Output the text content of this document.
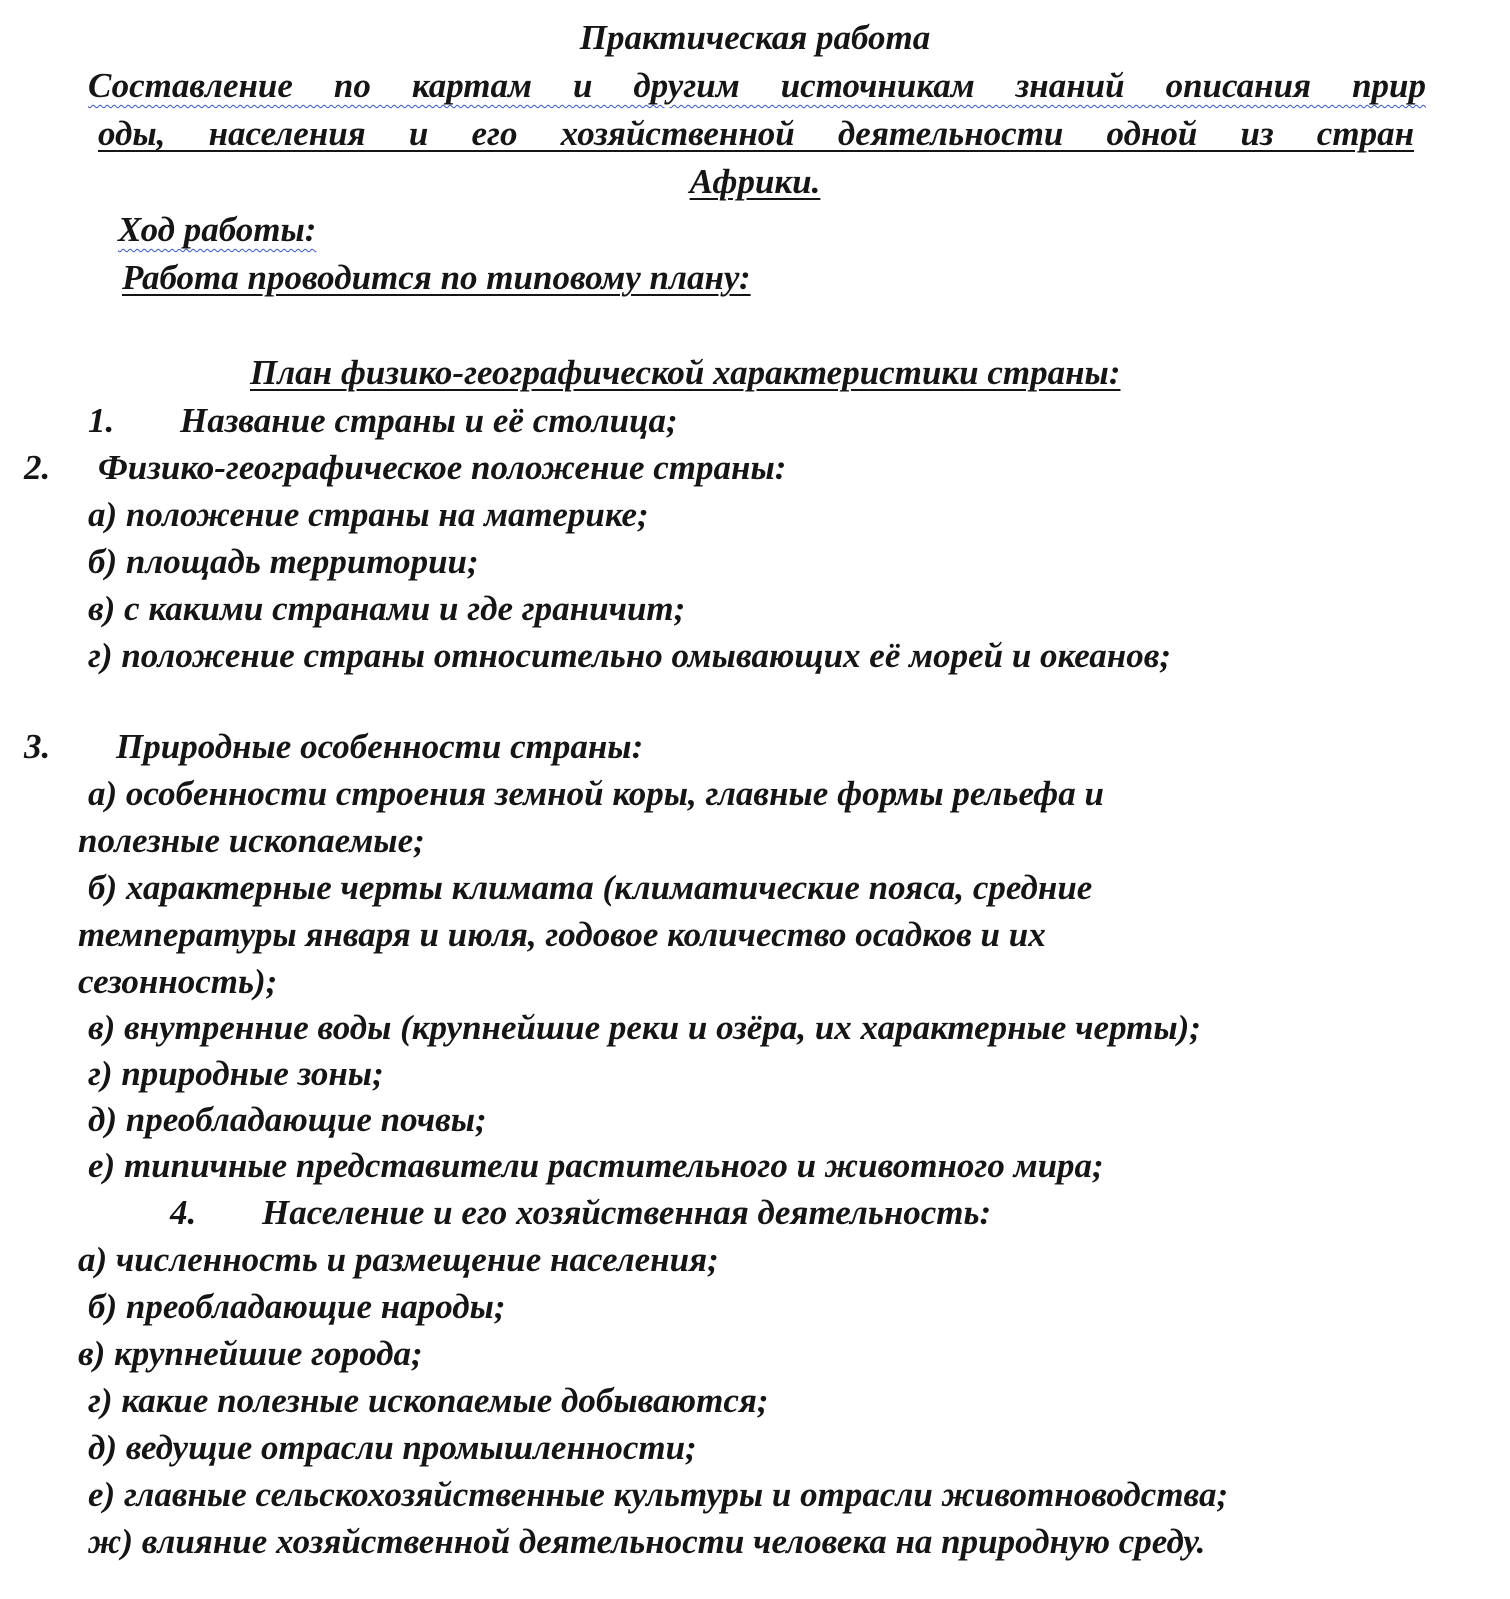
Практическая работа
Составление по картам и другим источникам знаний описания прир
оды, населения и его хозяйственной деятельности одной из стран
Африки.
Ход работы:
Работа проводится по типовому плану:
План физико-географической характеристики страны:
1. Название страны и её столица;
2. Физико-географическое положение страны:
а) положение страны на материке;
б) площадь территории;
в) с какими странами и где граничит;
г) положение страны относительно омывающих её морей и океанов;
3. Природные особенности страны:
а) особенности строения земной коры, главные формы рельефа и
полезные ископаемые;
б) характерные черты климата (климатические пояса, средние
температуры января и июля, годовое количество осадков и их
сезонность);
в) внутренние воды (крупнейшие реки и озёра, их характерные черты);
г) природные зоны;
д) преобладающие почвы;
е) типичные представители растительного и животного мира;
4. Население и его хозяйственная деятельность:
а) численность и размещение населения;
б) преобладающие народы;
в) крупнейшие города;
г) какие полезные ископаемые добываются;
д) ведущие отрасли промышленности;
е) главные сельскохозяйственные культуры и отрасли животноводства;
ж) влияние хозяйственной деятельности человека на природную среду.
